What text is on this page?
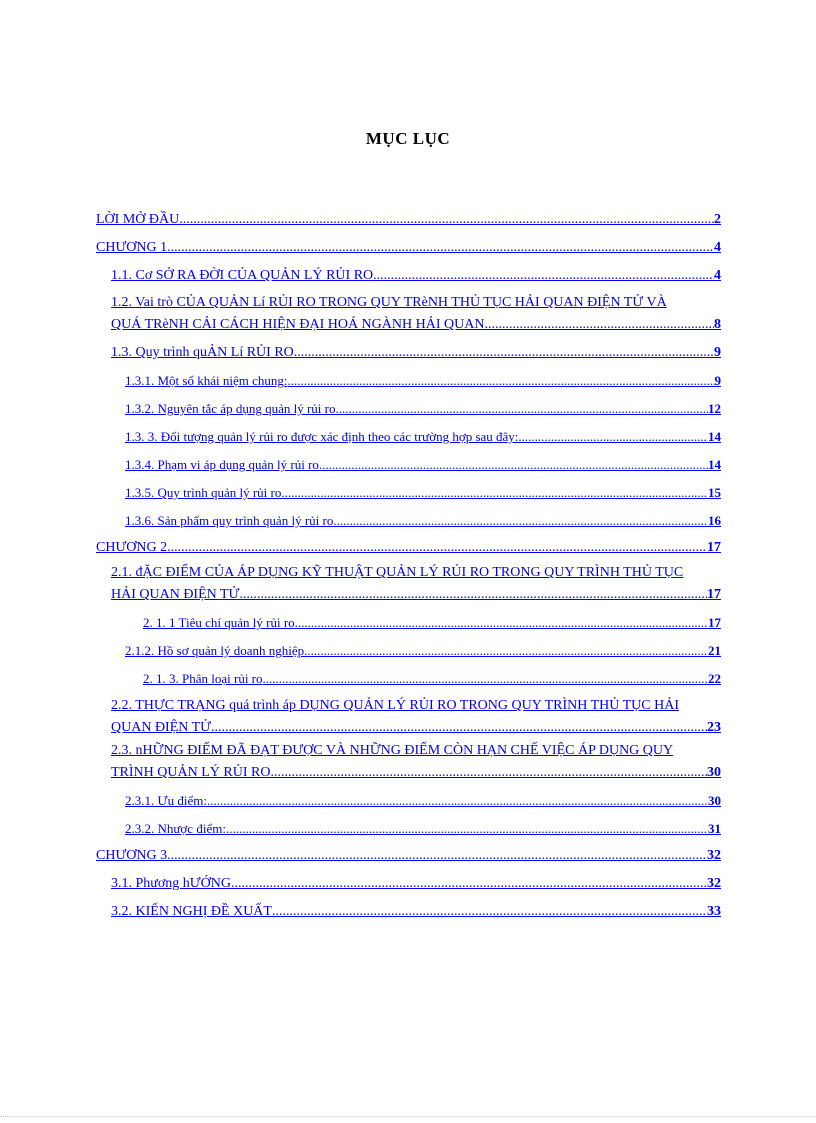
MỤC LỤC
LỜI MỞ ĐẦU .....	2
CHƯƠNG 1 .....	4
1.1. Cơ SỞ RA ĐỜI CỦA QUẢN LÝ RỦI RO .....	4
1.2. Vai trò CỦA QUẢN Lí RỦI RO TRONG QUY TRèNH THỦ TỤC HẢI QUAN ĐIỆN TỬ VÀ
QUÁ TRèNH CẢI CÁCH HIỆN ĐẠI HOÁ NGÀNH HẢI QUAN .....	8
1.3. Quy trình quẢN Lí RỦI RO .....	9
1.3.1. Một số khái niệm chung: .....	9
1.3.2. Nguyên tắc áp dụng quản lý rủi ro .....	12
1.3. 3. Đối tượng quản lý rủi ro được xác định theo các trường hợp sau đây: .....	14
1.3.4. Phạm vi áp dụng quản lý rủi ro .....	14
1.3.5. Quy trình quản lý rủi ro .....	15
1.3.6. Sản phẩm quy trình quản lý rủi ro .....	16
CHƯƠNG 2 .....	17
2.1. đẶC ĐIỂM CỦA ÁP DỤNG KỸ THUẬT QUẢN LÝ RỦI RO TRONG QUY TRÌNH THỦ TỤC
HẢI QUAN ĐIỆN TỬ .....	17
2. 1. 1 Tiêu chí quản lý rủi ro .....	17
2.1.2. Hồ sơ quản lý doanh nghiệp .....	21
2. 1. 3. Phân loại rủi ro .....	22
2.2. THỰC TRẠNG quá trình áp DỤNG QUẢN LÝ RỦI RO TRONG QUY TRÌNH THỦ TỤC HẢI
QUAN ĐIỆN TỬ .....	23
2.3. nHỮNG ĐIỂM ĐÃ ĐẠT ĐƯỢC VÀ NHỮNG ĐIỂM CÒN HẠN CHẾ VIỆC ÁP DỤNG QUY
TRÌNH QUẢN LÝ RỦI RO .....	30
2.3.1. Ưu điểm: .....	30
2.3.2. Nhược điểm: .....	31
CHƯƠNG 3 .....	32
3.1. Phương hƯỚNG .....	32
3.2. KIẾN NGHỊ ĐỀ XUẤT .....	33
